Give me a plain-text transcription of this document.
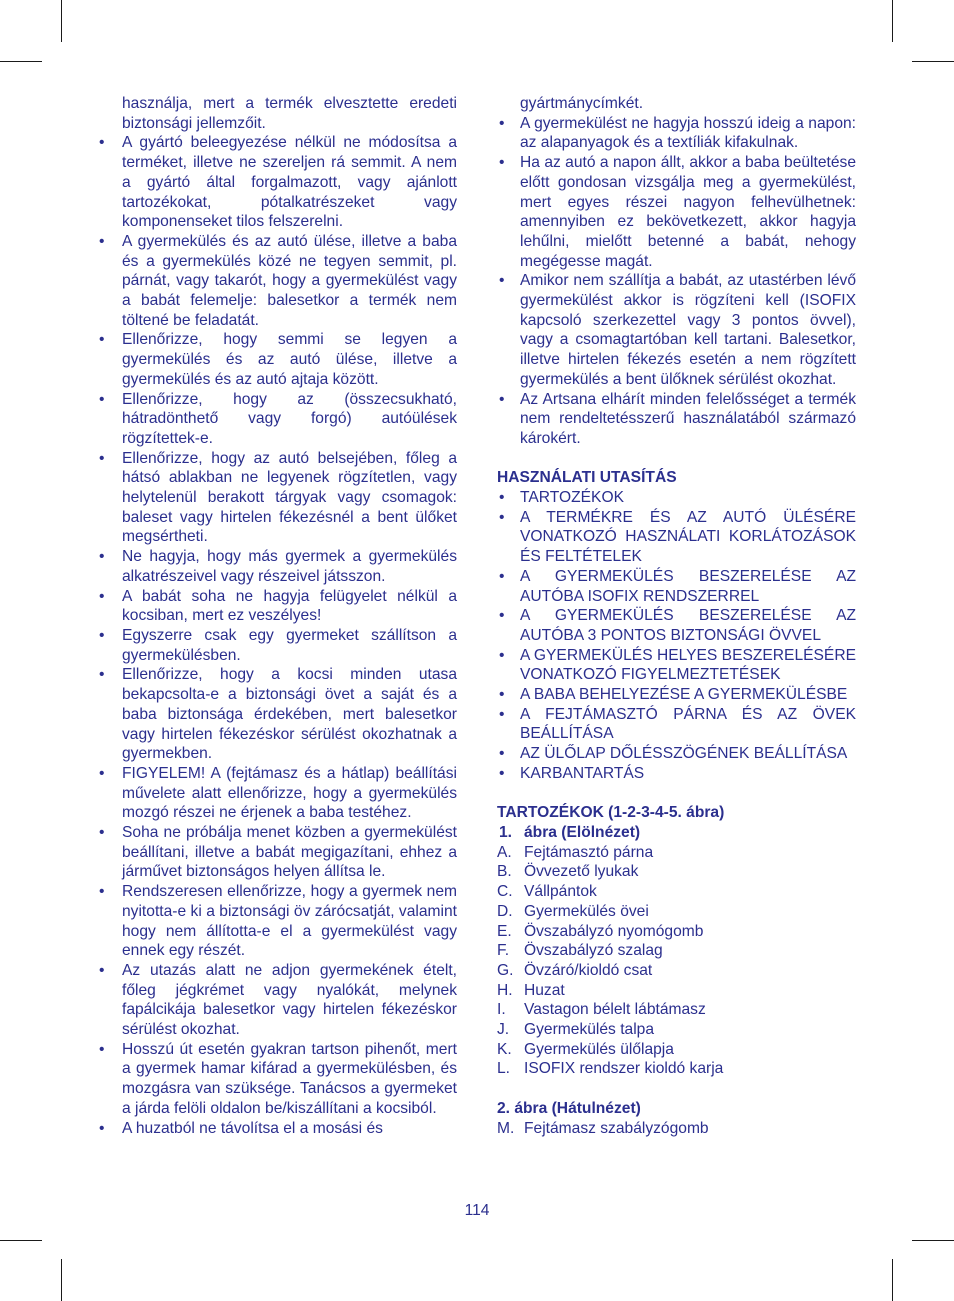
használja, mert a termék elvesztette eredeti biztonsági jellemzőit.

• A gyártó beleegyezése nélkül ne módosítsa a terméket, illetve ne szereljen rá semmit. A nem a gyártó által forgalmazott, vagy ajánlott tartozékokat, pótalkatrészeket vagy komponenseket tilos felszerelni.
• A gyermekülés és az autó ülése, illetve a baba és a gyermekülés közé ne tegyen semmit, pl. párnát, vagy takarót, hogy a gyermekülést vagy a babát felemelje: balesetkor a termék nem töltené be feladatát.
• Ellenőrizze, hogy semmi se legyen a gyermekülés és az autó ülése, illetve a gyermekülés és az autó ajtaja között.
• Ellenőrizze, hogy az (összecsukható, hátradönthető vagy forgó) autóülések rögzítettek-e.
• Ellenőrizze, hogy az autó belsejében, főleg a hátsó ablakban ne legyenek rögzítetlen, vagy helytelenül berakott tárgyak vagy csomagok: baleset vagy hirtelen fékezésnél a bent ülőket megsértheti.
• Ne hagyja, hogy más gyermek a gyermekülés alkatrészeivel vagy részeivel játsszon.
• A babát soha ne hagyja felügyelet nélkül a kocsiban, mert ez veszélyes!
• Egyszerre csak egy gyermeket szállítson a gyermekülésben.
• Ellenőrizze, hogy a kocsi minden utasa bekapcsolta-e a biztonsági övet a saját és a baba biztonsága érdekében, mert balesetkor vagy hirtelen fékezéskor sérülést okozhatnak a gyermekben.
• FIGYELEM! A (fejtámasz és a hátlap) beállítási művelete alatt ellenőrizze, hogy a gyermekülés mozgó részei ne érjenek a baba testéhez.
• Soha ne próbálja menet közben a gyermekülést beállítani, illetve a babát megigazítani, ehhez a járművet biztonságos helyen állítsa le.
• Rendszeresen ellenőrizze, hogy a gyermek nem nyitotta-e ki a biztonsági öv zárócsatját, valamint hogy nem állította-e el a gyermekülést vagy ennek egy részét.
• Az utazás alatt ne adjon gyermekének ételt, főleg jégkrémet vagy nyalókát, melynek fapálcikája balesetkor vagy hirtelen fékezéskor sérülést okozhat.
• Hosszú út esetén gyakran tartson pihenőt, mert a gyermek hamar kifárad a gyermekülésben, és mozgásra van szüksége. Tanácsos a gyermeket a járda felöli oldalon be/kiszállítani a kocsiból.
• A huzatból ne távolítsa el a mosási és

gyártmánycímkét.

• A gyermekülést ne hagyja hosszú ideig a napon: az alapanyagok és a textíliák kifakulnak.
• Ha az autó a napon állt, akkor a baba beültetése előtt gondosan vizsgálja meg a gyermekülést, mert egyes részei nagyon felhevülhetnek: amennyiben ez bekövetkezett, akkor hagyja lehűlni, mielőtt betenné a babát, nehogy megégesse magát.
• Amikor nem szállítja a babát, az utastérben lévő gyermekülést akkor is rögzíteni kell (ISOFIX kapcsoló szerkezettel vagy 3 pontos övvel), vagy a csomagtartóban kell tartani. Balesetkor, illetve hirtelen fékezés esetén a nem rögzített gyermekülés a bent ülőknek sérülést okozhat.
• Az Artsana elhárít minden felelősséget a termék nem rendeltetésszerű használatából származó károkért.

HASZNÁLATI UTASÍTÁS

• TARTOZÉKOK
• A TERMÉKRE ÉS AZ AUTÓ ÜLÉSÉRE VONATKOZÓ HASZNÁLATI KORLÁTOZÁSOK ÉS FELTÉTELEK
• A GYERMEKÜLÉS BESZERELÉSE AZ AUTÓBA ISOFIX RENDSZERREL
• A GYERMEKÜLÉS BESZERELÉSE AZ AUTÓBA 3 PONTOS BIZTONSÁGI ÖVVEL
• A GYERMEKÜLÉS HELYES BESZERELÉSÉRE VONATKOZÓ FIGYELMEZTETÉSEK
• A BABA BEHELYEZÉSE A GYERMEKÜLÉSBE
• A FEJTÁMASZTÓ PÁRNA ÉS AZ ÖVEK BEÁLLÍTÁSA
• AZ ÜLŐLAP DŐLÉSSZÖGÉNEK BEÁLLÍTÁSA
• KARBANTARTÁS

TARTOZÉKOK (1-2-3-4-5. ábra)

1. ábra (Elölnézet)
A. Fejtámasztó párna
B. Övvezető lyukak
C. Vállpántok
D. Gyermekülés övei
E. Övszabályzó nyomógomb
F. Övszabályzó szalag
G. Övzáró/kioldó csat
H. Huzat
I.	Vastagon bélelt lábtámasz
J. Gyermekülés talpa
K. Gyermekülés ülőlapja
L. ISOFIX rendszer kioldó karja

2. ábra (Hátulnézet)

M. Fejtámasz szabályzógomb
114
